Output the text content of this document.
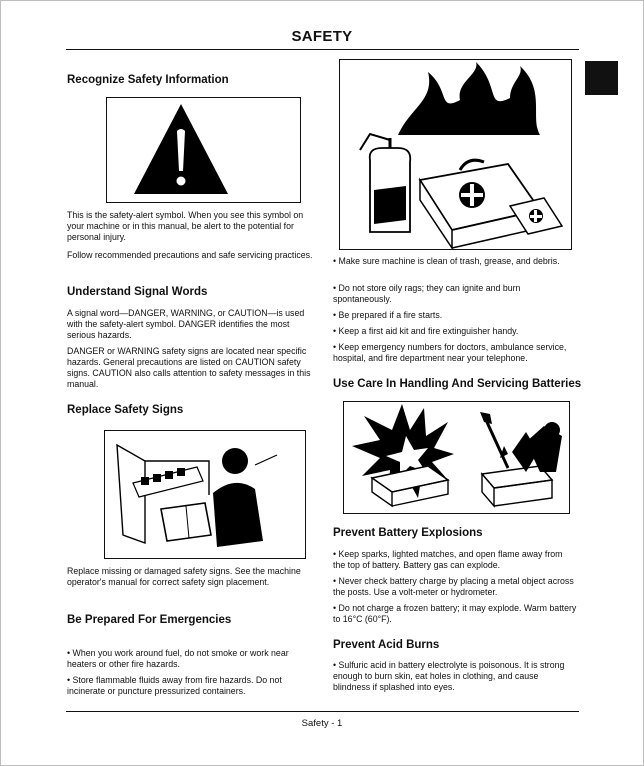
SAFETY
Recognize Safety Information

This is the safety-alert symbol. When you see this symbol on your machine or in this manual, be alert to the potential for personal injury.

Follow recommended precautions and safe servicing practices.

Understand Signal Words

A signal word—DANGER, WARNING, or CAUTION—is used with the safety-alert symbol. DANGER identifies the most serious hazards.

DANGER or WARNING safety signs are located near specific hazards. General precautions are listed on CAUTION safety signs. CAUTION also calls attention to safety messages in this manual.

Replace Safety Signs

Replace missing or damaged safety signs. See the machine operator's manual for correct safety sign placement.

Be Prepared For Emergencies

• When you work around fuel, do not smoke or work near heaters or other fire hazards.

• Store flammable fluids away from fire hazards. Do not incinerate or puncture pressurized containers.

• Make sure machine is clean of trash, grease, and debris.

• Do not store oily rags; they can ignite and burn spontaneously.

• Be prepared if a fire starts.

• Keep a first aid kit and fire extinguisher handy.

• Keep emergency numbers for doctors, ambulance service, hospital, and fire department near your telephone.

Use Care In Handling And Servicing Batteries
Prevent Battery Explosions

• Keep sparks, lighted matches, and open flame away from the top of battery. Battery gas can explode.

• Never check battery charge by placing a metal object across the posts. Use a volt-meter or hydrometer.

• Do not charge a frozen battery; it may explode. Warm battery to 16°C (60°F).

Prevent Acid Burns

• Sulfuric acid in battery electrolyte is poisonous. It is strong enough to burn skin, eat holes in clothing, and cause blindness if splashed into eyes.

Safety - 1
